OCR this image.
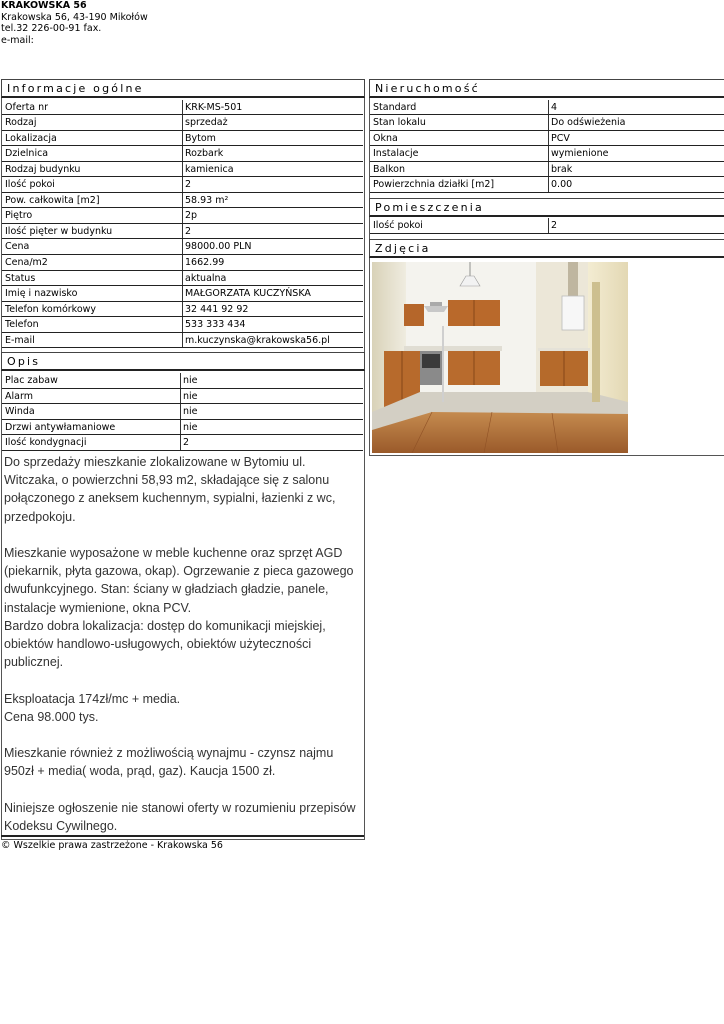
KRAKOWSKA 56
Krakowska 56, 43-190 Mikołów
tel.32 226-00-91 fax.
e-mail:
Informacje ogólne
Oferta nr	KRK-MS-501
Rodzaj	sprzedaż
Lokalizacja	Bytom
Dzielnica	Rozbark
Rodzaj budynku	kamienica
Ilość pokoi	2
Pow. całkowita [m2]	58.93 m²
Piętro	2p
Ilość pięter w budynku	2
Cena	98000.00 PLN
Cena/m2	1662.99
Status	aktualna
Imię i nazwisko	MAŁGORZATA KUCZYŃSKA
Telefon komórkowy	32 441 92 92
Telefon	533 333 434
E-mail	m.kuczynska@krakowska56.pl
Opis
Plac zabaw	nie
Alarm	nie
Winda	nie
Drzwi antywłamaniowe	nie
Ilość kondygnacji	2

Do sprzedaży mieszkanie zlokalizowane w Bytomiu ul.
Witczaka, o powierzchni 58,93 m2, składające się z salonu
połączonego z aneksem kuchennym, sypialni, łazienki z wc,
przedpokoju.

Mieszkanie wyposażone w meble kuchenne oraz sprzęt AGD
(piekarnik, płyta gazowa, okap). Ogrzewanie z pieca gazowego
dwufunkcyjnego. Stan: ściany w gładziach gładzie, panele,
instalacje wymienione, okna PCV.
Bardzo dobra lokalizacja: dostęp do komunikacji miejskiej,
obiektów handlowo-usługowych, obiektów użyteczności
publicznej.

Eksploatacja 174zł/mc + media.
Cena 98.000 tys.

Mieszkanie również z możliwością wynajmu - czynsz najmu
950zł + media( woda, prąd, gaz). Kaucja 1500 zł.

Niniejsze ogłoszenie nie stanowi oferty w rozumieniu przepisów
Kodeksu Cywilnego.

Nieruchomość
Standard	4
Stan lokalu	Do odświeżenia
Okna	PCV
Instalacje	wymienione
Balkon	brak
Powierzchnia działki [m2]	0.00
Pomieszczenia
Ilość pokoi	2
Zdjęcia
© Wszelkie prawa zastrzeżone - Krakowska 56
